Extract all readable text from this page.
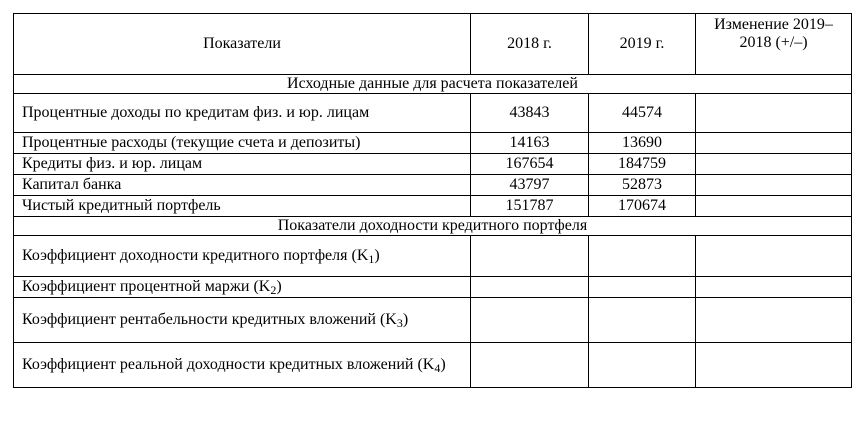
Показатели	2018 г.	2019 г.	Изменение 2019–2018 (+/–)
Исходные данные для расчета показателей			
Процентные доходы по кредитам физ. и юр. лицам	43843	44574	
Процентные расходы (текущие счета и депозиты)	14163	13690	
Кредиты физ. и юр. лицам	167654	184759	
Капитал банка	43797	52873	
Чистый кредитный портфель	151787	170674	
Показатели доходности кредитного портфеля			
Коэффициент доходности кредитного портфеля $(K_1)$			
Коэффициент процентной маржи $(K_2)$			
Коэффициент рентабельности кредитных вложений $(K_3)$			
Коэффициент реальной доходности кредитных вложений $(K_4)$			
